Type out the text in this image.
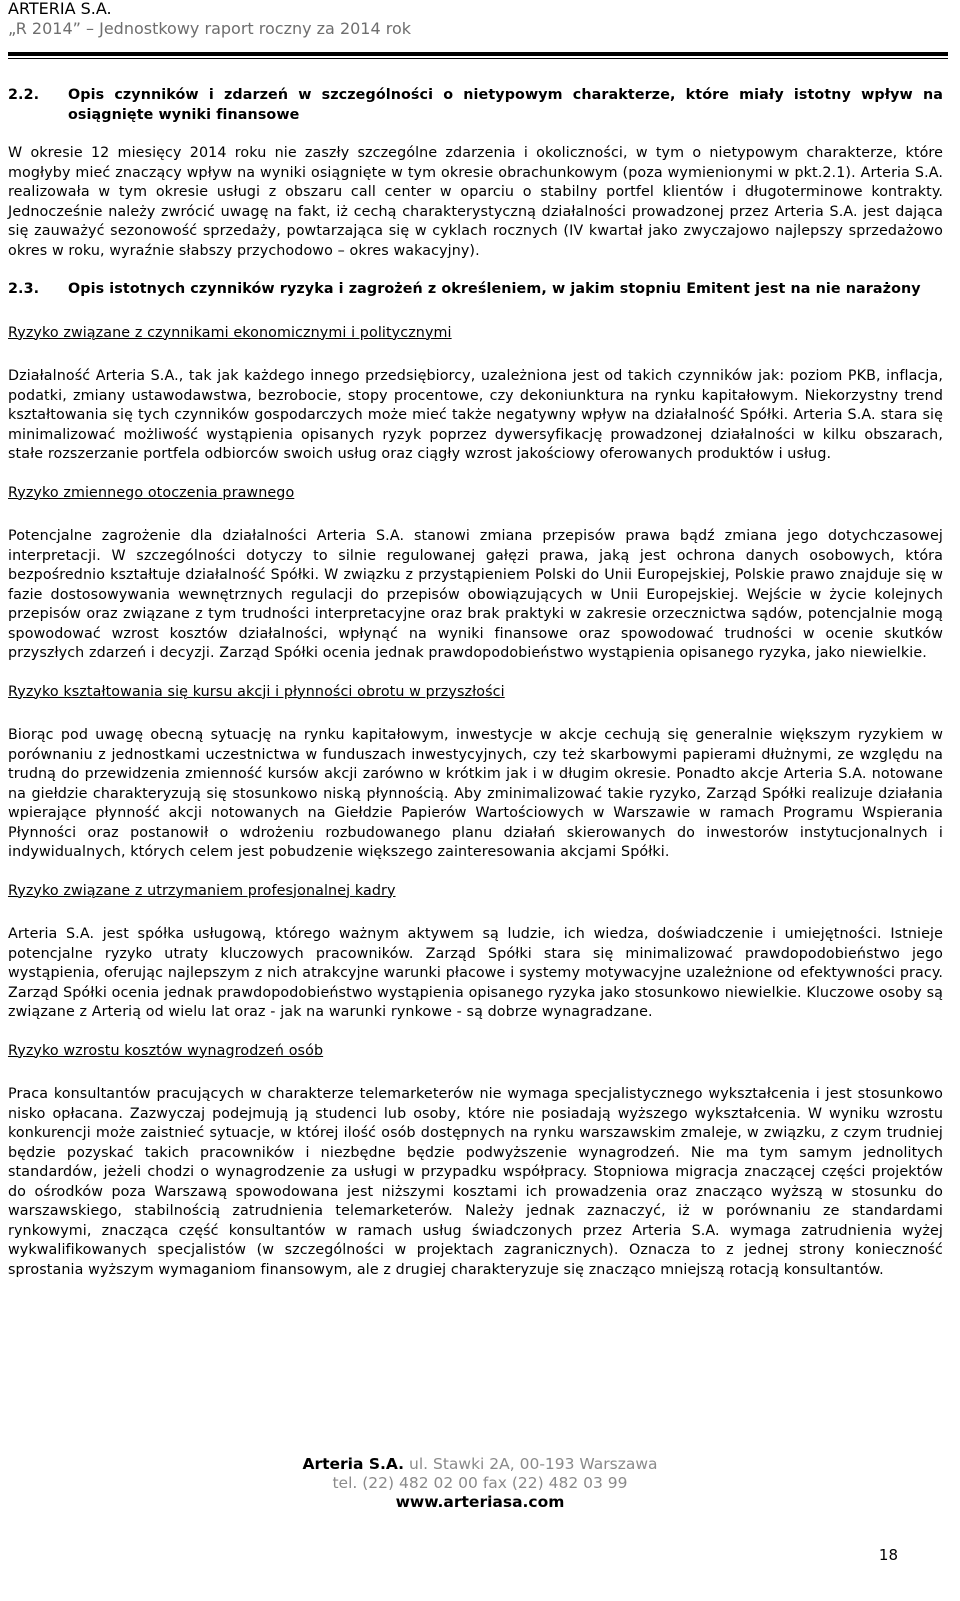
ARTERIA S.A.
„R 2014” – Jednostkowy raport roczny za 2014 rok

2.2.	Opis czynników i zdarzeń w szczególności o nietypowym charakterze, które miały istotny wpływ na osiągnięte wyniki finansowe

W okresie 12 miesięcy 2014 roku nie zaszły szczególne zdarzenia i okoliczności, w tym o nietypowym charakterze, które mogłyby mieć znaczący wpływ na wyniki osiągnięte w tym okresie obrachunkowym (poza wymienionymi w pkt.2.1). Arteria S.A. realizowała w tym okresie usługi z obszaru call center w oparciu o stabilny portfel klientów i długoterminowe kontrakty. Jednocześnie należy zwrócić uwagę na fakt, iż cechą charakterystyczną działalności prowadzonej przez Arteria S.A. jest dająca się zauważyć sezonowość sprzedaży, powtarzająca się w cyklach rocznych (IV kwartał jako zwyczajowo najlepszy sprzedażowo okres w roku, wyraźnie słabszy przychodowo – okres wakacyjny).

2.3.	Opis istotnych czynników ryzyka i zagrożeń z określeniem, w jakim stopniu Emitent jest na nie narażony

Ryzyko związane z czynnikami ekonomicznymi i politycznymi

Działalność Arteria S.A., tak jak każdego innego przedsiębiorcy, uzależniona jest od takich czynników jak: poziom PKB, inflacja, podatki, zmiany ustawodawstwa, bezrobocie, stopy procentowe, czy dekoniunktura na rynku kapitałowym. Niekorzystny trend kształtowania się tych czynników gospodarczych może mieć także negatywny wpływ na działalność Spółki. Arteria S.A. stara się minimalizować możliwość wystąpienia opisanych ryzyk poprzez dywersyfikację prowadzonej działalności w kilku obszarach, stałe rozszerzanie portfela odbiorców swoich usług oraz ciągły wzrost jakościowy oferowanych produktów i usług.

Ryzyko zmiennego otoczenia prawnego

Potencjalne zagrożenie dla działalności Arteria S.A. stanowi zmiana przepisów prawa bądź zmiana jego dotychczasowej interpretacji. W szczególności dotyczy to silnie regulowanej gałęzi prawa, jaką jest ochrona danych osobowych, która bezpośrednio kształtuje działalność Spółki. W związku z przystąpieniem Polski do Unii Europejskiej, Polskie prawo znajduje się w fazie dostosowywania wewnętrznych regulacji do przepisów obowiązujących w Unii Europejskiej. Wejście w życie kolejnych przepisów oraz związane z tym trudności interpretacyjne oraz brak praktyki w zakresie orzecznictwa sądów, potencjalnie mogą spowodować wzrost kosztów działalności, wpłynąć na wyniki finansowe oraz spowodować trudności w ocenie skutków przyszłych zdarzeń i decyzji. Zarząd Spółki ocenia jednak prawdopodobieństwo wystąpienia opisanego ryzyka, jako niewielkie.

Ryzyko kształtowania się kursu akcji i płynności obrotu w przyszłości

Biorąc pod uwagę obecną sytuację na rynku kapitałowym, inwestycje w akcje cechują się generalnie większym ryzykiem w porównaniu z jednostkami uczestnictwa w funduszach inwestycyjnych, czy też skarbowymi papierami dłużnymi, ze względu na trudną do przewidzenia zmienność kursów akcji zarówno w krótkim jak i w długim okresie. Ponadto akcje Arteria S.A. notowane na giełdzie charakteryzują się stosunkowo niską płynnością. Aby zminimalizować takie ryzyko, Zarząd Spółki realizuje działania wpierające płynność akcji notowanych na Giełdzie Papierów Wartościowych w Warszawie w ramach Programu Wspierania Płynności oraz postanowił o wdrożeniu rozbudowanego planu działań skierowanych do inwestorów instytucjonalnych i indywidualnych, których celem jest pobudzenie większego zainteresowania akcjami Spółki.

Ryzyko związane z utrzymaniem profesjonalnej kadry

Arteria S.A. jest spółka usługową, którego ważnym aktywem są ludzie, ich wiedza, doświadczenie i umiejętności. Istnieje potencjalne ryzyko utraty kluczowych pracowników. Zarząd Spółki stara się minimalizować prawdopodobieństwo jego wystąpienia, oferując najlepszym z nich atrakcyjne warunki płacowe i systemy motywacyjne uzależnione od efektywności pracy. Zarząd Spółki ocenia jednak prawdopodobieństwo wystąpienia opisanego ryzyka jako stosunkowo niewielkie. Kluczowe osoby są związane z Arterią od wielu lat oraz - jak na warunki rynkowe - są dobrze wynagradzane.

Ryzyko wzrostu kosztów wynagrodzeń osób

Praca konsultantów pracujących w charakterze telemarketerów nie wymaga specjalistycznego wykształcenia i jest stosunkowo nisko opłacana. Zazwyczaj podejmują ją studenci lub osoby, które nie posiadają wyższego wykształcenia. W wyniku wzrostu konkurencji może zaistnieć sytuacje, w której ilość osób dostępnych na rynku warszawskim zmaleje, w związku, z czym trudniej będzie pozyskać takich pracowników i niezbędne będzie podwyższenie wynagrodzeń. Nie ma tym samym jednolitych standardów, jeżeli chodzi o wynagrodzenie za usługi w przypadku współpracy. Stopniowa migracja znaczącej części projektów do ośrodków poza Warszawą spowodowana jest niższymi kosztami ich prowadzenia oraz znacząco wyższą w stosunku do warszawskiego, stabilnością zatrudnienia telemarketerów. Należy jednak zaznaczyć, iż w porównaniu ze standardami rynkowymi, znacząca część konsultantów w ramach usług świadczonych przez Arteria S.A. wymaga zatrudnienia wyżej wykwalifikowanych specjalistów (w szczególności w projektach zagranicznych). Oznacza to z jednej strony konieczność sprostania wyższym wymaganiom finansowym, ale z drugiej charakteryzuje się znacząco mniejszą rotacją konsultantów.

Arteria S.A. ul. Stawki 2A, 00-193 Warszawa
tel. (22) 482 02 00 fax (22) 482 03 99
www.arteriasa.com
18
